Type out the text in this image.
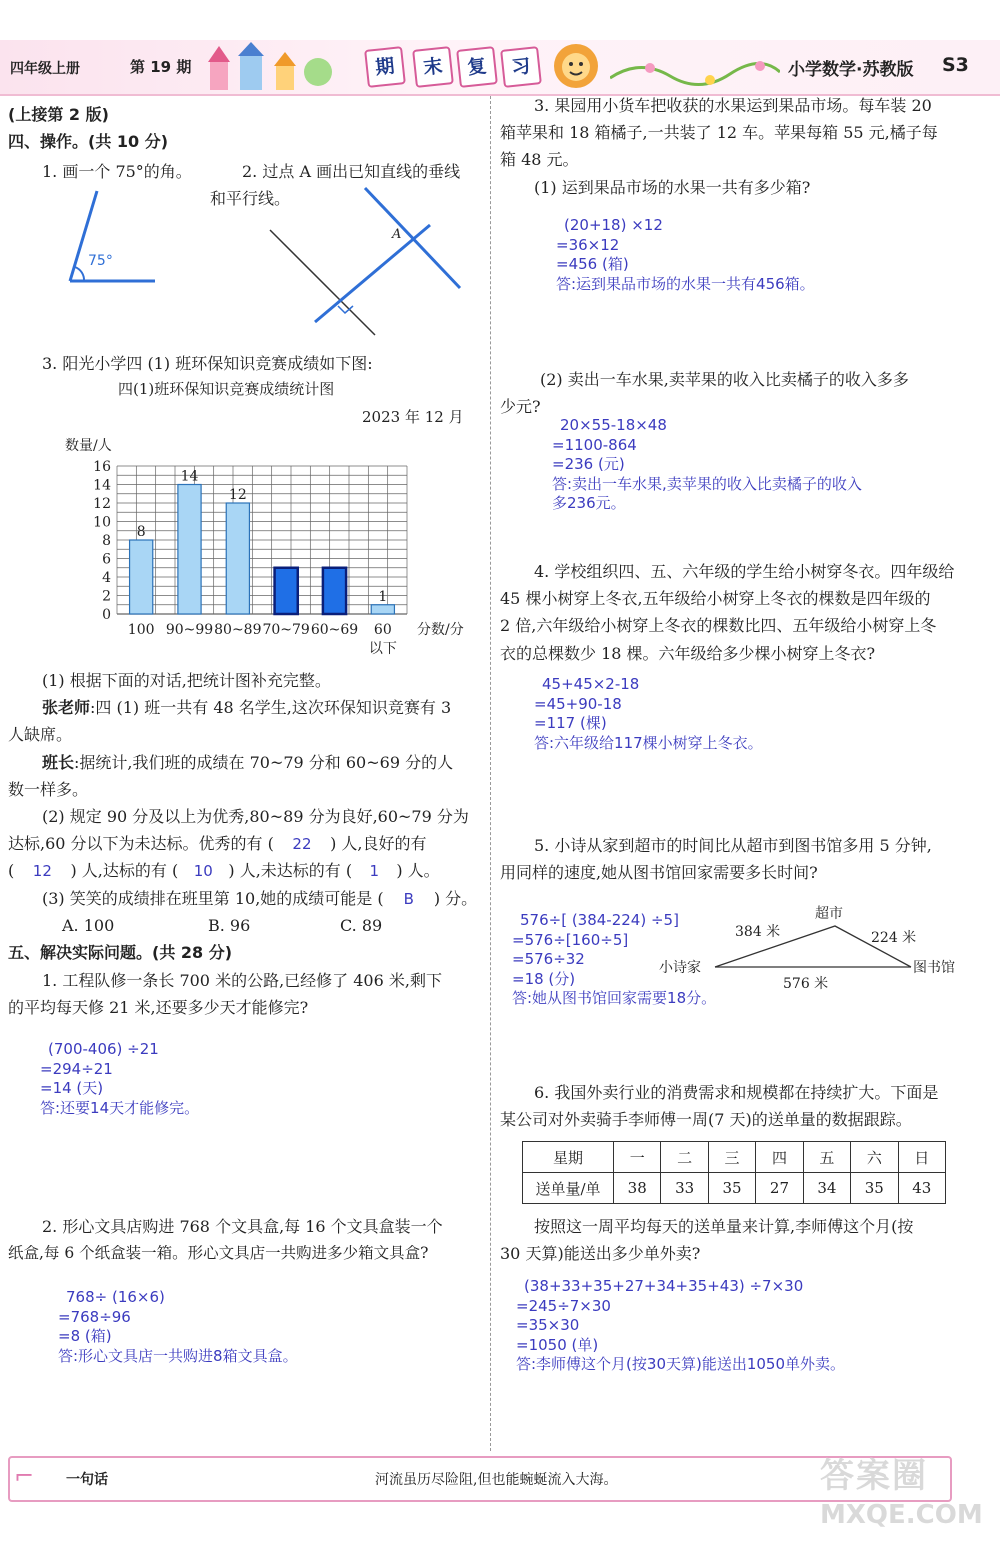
四年级上册	第 19 期	期	末	复	习	小学数学·苏教版 S3
(上接第 2 版)
四、操作。(共 10 分)
1. 画一个 75°的角。	2. 过点 A 画出已知直线的垂线
和平行线。
75°
A
3. 阳光小学四 (1) 班环保知识竞赛成绩如下图:
四(1)班环保知识竞赛成绩统计图
2023 年 12 月
0
2
4
6
8
10
12
14
16
数量/人
8
100
14
90~99
12
80~89 70~79 60~69
1
60
以下
分数/分
(1) 根据下面的对话,把统计图补充完整。
张老师:四 (1) 班一共有 48 名学生,这次环保知识竞赛有 3
人缺席。
班长:据统计,我们班的成绩在 70~79 分和 60~69 分的人
数一样多。
(2) 规定 90 分及以上为优秀,80~89 分为良好,60~79 分为
达标,60 分以下为未达标。优秀的有 ( 22 ) 人,良好的有
( 12 ) 人,达标的有 ( 10 ) 人,未达标的有 ( 1 ) 人。
(3) 笑笑的成绩排在班里第 10,她的成绩可能是 ( B ) 分。
A. 100	B. 96	C. 89
五、解决实际问题。(共 28 分)
1. 工程队修一条长 700 米的公路,已经修了 406 米,剩下
的平均每天修 21 米,还要多少天才能修完?
(700-406) ÷21
=294÷21
=14 (天)
答:还要14天才能修完。
2. 形心文具店购进 768 个文具盒,每 16 个文具盒装一个
纸盒,每 6 个纸盒装一箱。形心文具店一共购进多少箱文具盒?
768÷ (16×6)
=768÷96
=8 (箱)
答:形心文具店一共购进8箱文具盒。
3. 果园用小货车把收获的水果运到果品市场。每车装 20
箱苹果和 18 箱橘子,一共装了 12 车。苹果每箱 55 元,橘子每
箱 48 元。
(1) 运到果品市场的水果一共有多少箱?
(20+18) ×12
=36×12
=456 (箱)
答:运到果品市场的水果一共有456箱。
(2) 卖出一车水果,卖苹果的收入比卖橘子的收入多多
少元?
20×55-18×48
=1100-864
=236 (元)
答:卖出一车水果,卖苹果的收入比卖橘子的收入
多236元。
4. 学校组织四、五、六年级的学生给小树穿冬衣。四年级给
45 棵小树穿上冬衣,五年级给小树穿上冬衣的棵数是四年级的
2 倍,六年级给小树穿上冬衣的棵数比四、五年级给小树穿上冬
衣的总棵数少 18 棵。六年级给多少棵小树穿上冬衣?
45+45×2-18
=45+90-18
=117 (棵)
答:六年级给117棵小树穿上冬衣。
5. 小诗从家到超市的时间比从超市到图书馆多用 5 分钟,
用同样的速度,她从图书馆回家需要多长时间?
576÷[ (384-224) ÷5]
=576÷[160÷5]
=576÷32
=18 (分)
答:她从图书馆回家需要18分。
超市
小诗家	图书馆
384 米	224 米
576 米
6. 我国外卖行业的消费需求和规模都在持续扩大。下面是
某公司对外卖骑手李师傅一周(7 天)的送单量的数据跟踪。
星期	一	二	三	四	五	六	日
送单量/单	38	33	35	27	34	35	43
按照这一周平均每天的送单量来计算,李师傅这个月(按
30 天算)能送出多少单外卖?
(38+33+35+27+34+35+43) ÷7×30
=245÷7×30
=35×30
=1050 (单)
答:李师傅这个月(按30天算)能送出1050单外卖。
⌐ 一句话	河流虽历尽险阻,但也能蜿蜒流入大海。	答案圈
MXQE.COM
